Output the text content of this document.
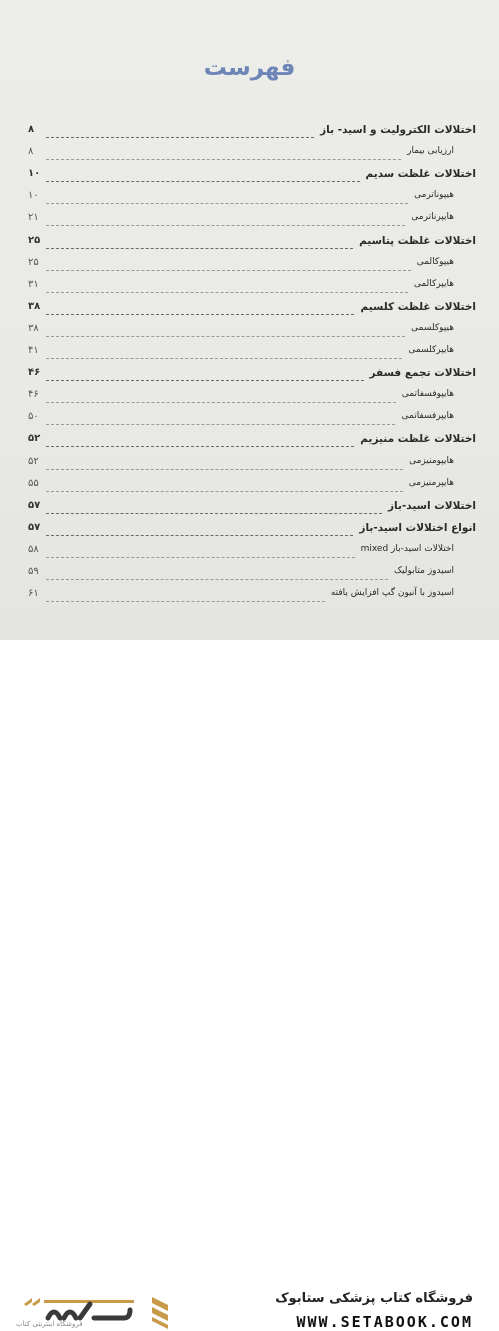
فهرست
اختلالات الکترولیت و اسید- باز
۸
ارزیابی بیمار
۸
اختلالات غلظت سدیم
۱۰
هیپوناترمی
۱۰
هایپرناترمی
۲۱
اختلالات غلظت پتاسیم
۲۵
هیپوکالمی
۲۵
هایپرکالمی
۳۱
اختلالات غلظت کلسیم
۳۸
هیپوکلسمی
۳۸
هایپرکلسمی
۴۱
اختلالات تجمع فسفر
۴۶
هایپوفسفاتمی
۴۶
هایپرفسفاتمی
۵۰
اختلالات غلظت منیزیم
۵۲
هایپومنیزمی
۵۲
هایپرمنیزمی
۵۵
اختلالات اسید-باز
۵۷
انواع اختلالات اسید-باز
۵۷
اختلالات اسید-باز mixed
۵۸
اسیدوز متابولیک
۵۹
اسیدوز با آنیون گپ افزایش یافته
۶۱
فروشگاه اینترنتی کتاب
فروشگاه کتاب پزشکی ستابوک
WWW.SETABOOK.COM
